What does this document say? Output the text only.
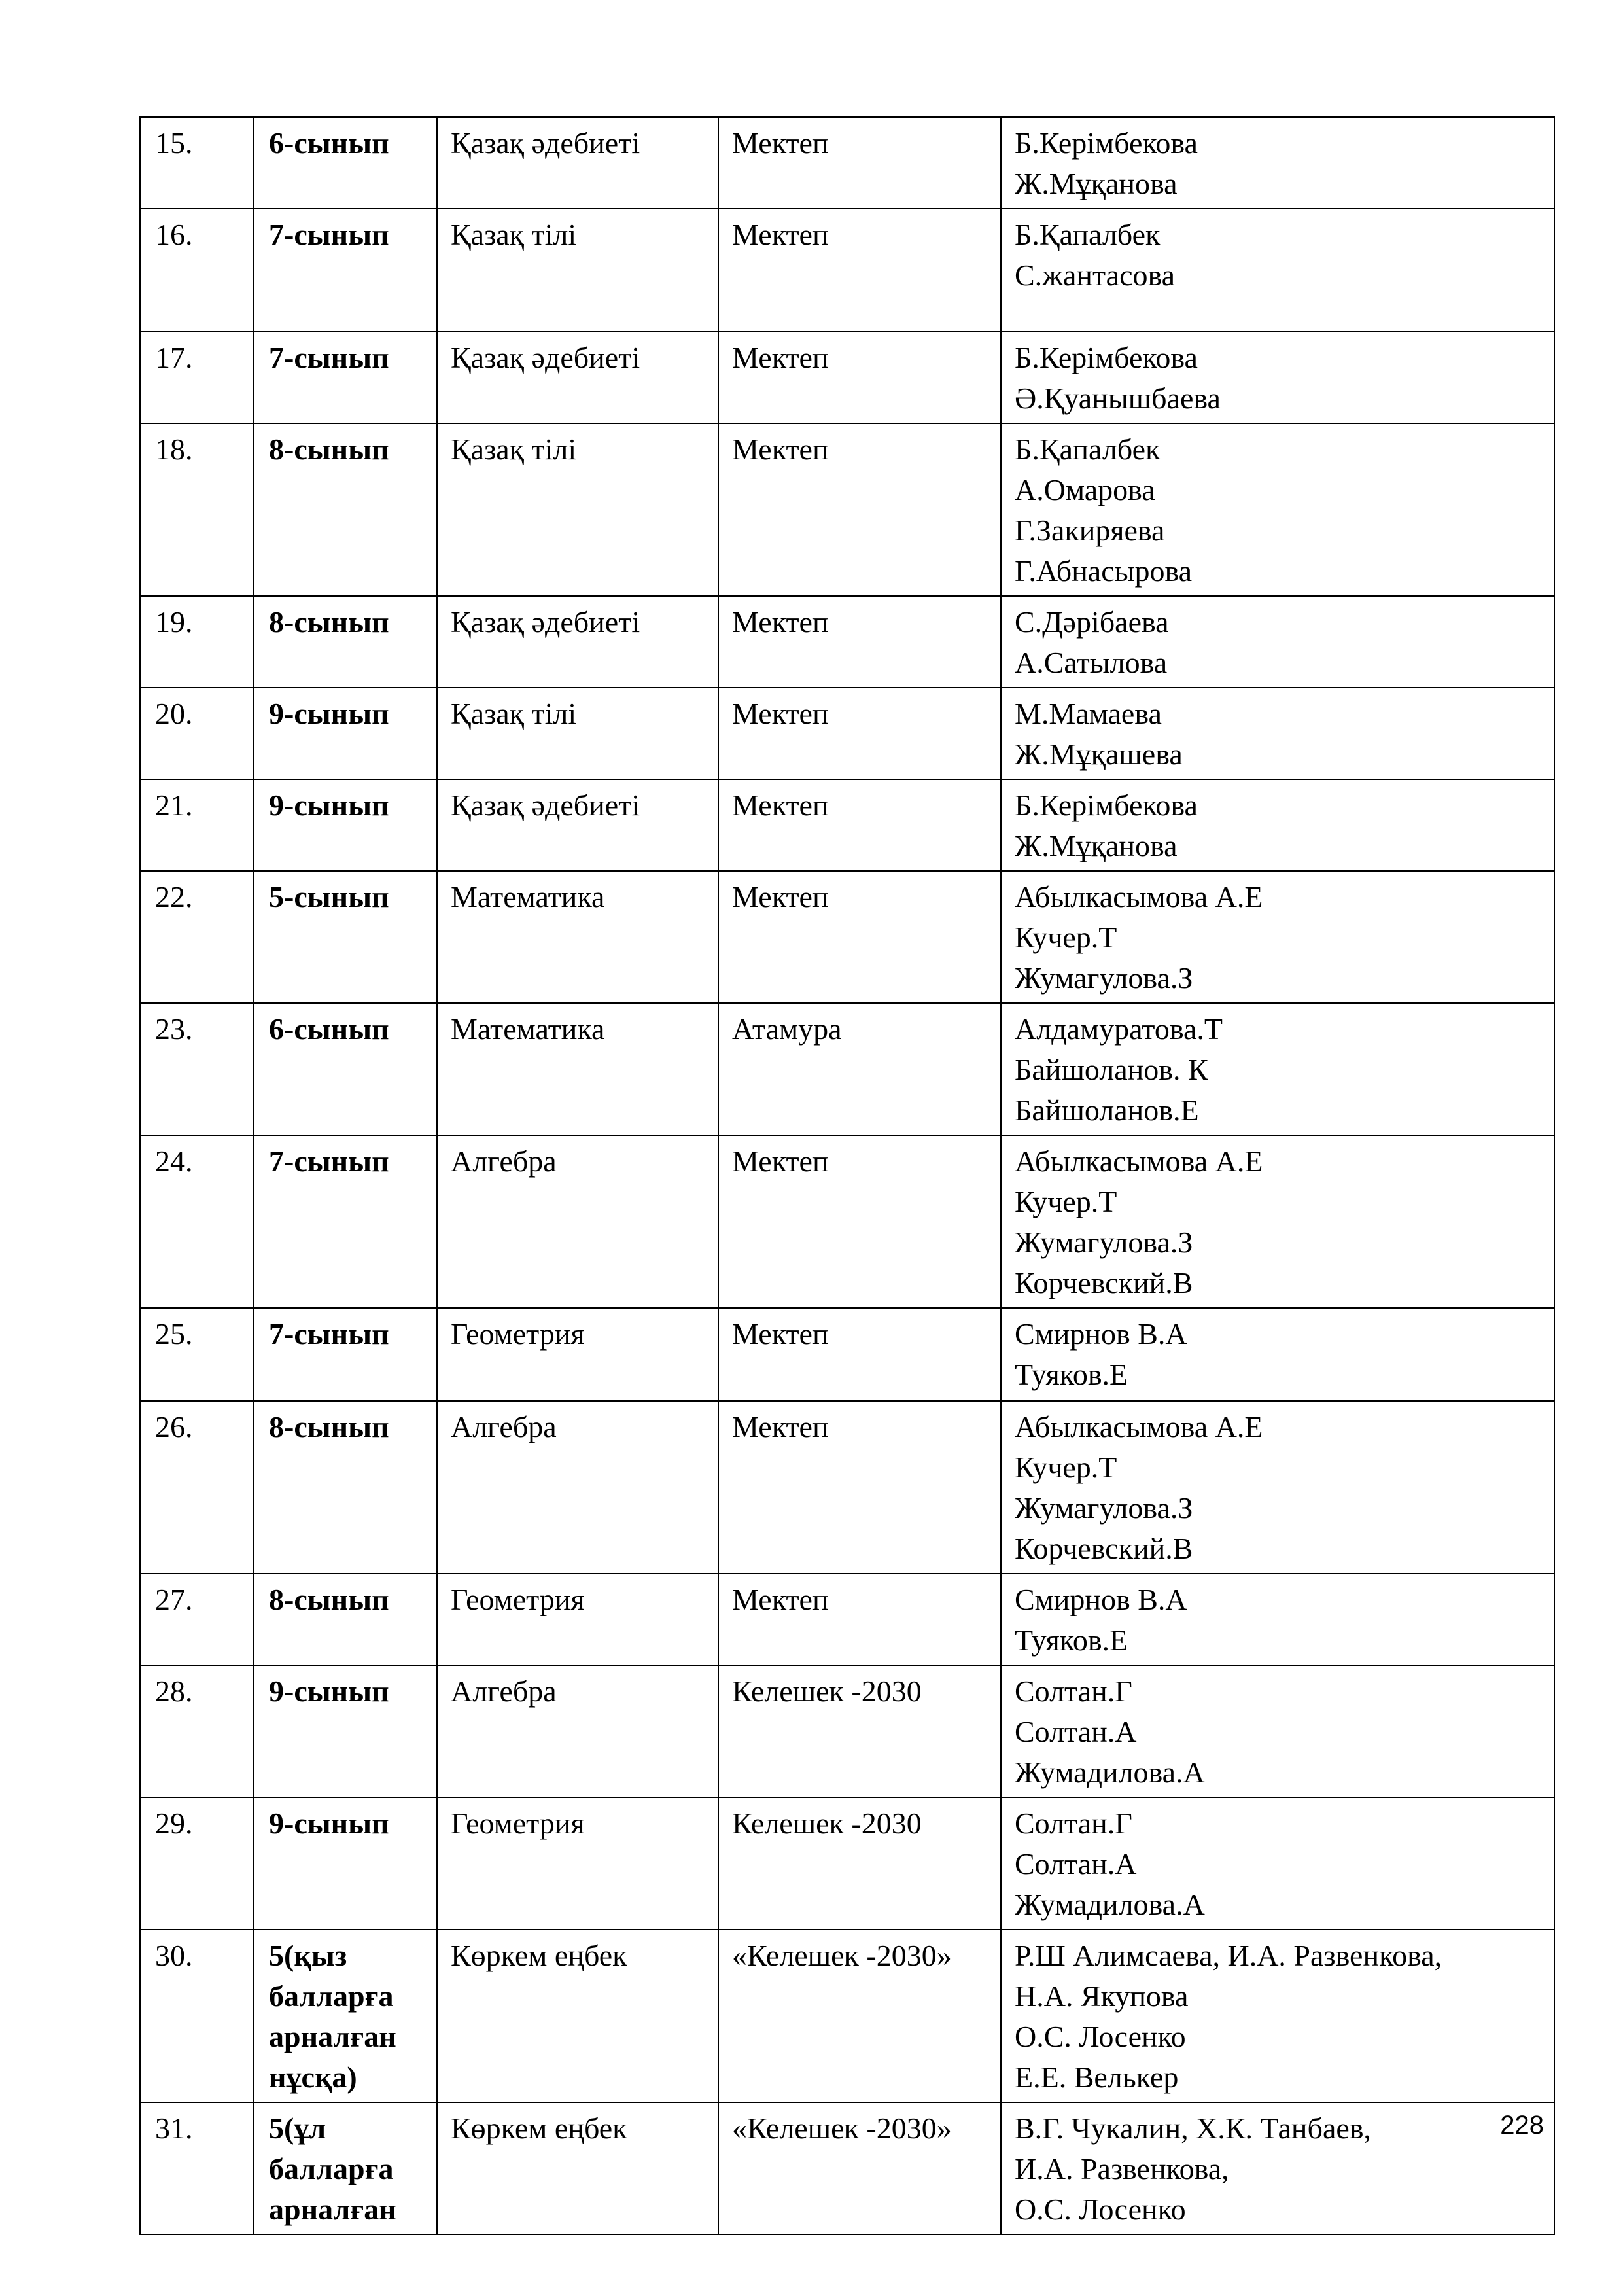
15.	6-сынып	Қазақ әдебиеті	Мектеп	Б.Керімбекова
Ж.Мұқанова

16.	7-сынып	Қазақ тілі	Мектеп	Б.Қапалбек
С.жантасова

17.	7-сынып	Қазақ әдебиеті	Мектеп	Б.Керімбекова
Ә.Қуанышбаева

18.	8-сынып	Қазақ тілі	Мектеп	Б.Қапалбек
А.Омарова
Г.Закиряева
Г.Абнасырова

19.	8-сынып	Қазақ әдебиеті	Мектеп	С.Дәрібаева
А.Сатылова

20.	9-сынып	Қазақ тілі	Мектеп	М.Мамаева
Ж.Мұқашева

21.	9-сынып	Қазақ әдебиеті	Мектеп	Б.Керімбекова
Ж.Мұқанова

22.	5-сынып	Математика	Мектеп	Абылкасымова А.Е
Кучер.Т
Жумагулова.З

23.	6-сынып	Математика	Атамура	Алдамуратова.Т
Байшоланов. К
Байшоланов.Е

24.	7-сынып	Алгебра	Мектеп	Абылкасымова А.Е
Кучер.Т
Жумагулова.З
Корчевский.В

25.	7-сынып	Геометрия	Мектеп	Смирнов В.А
Туяков.Е

26.	8-сынып	Алгебра	Мектеп	Абылкасымова А.Е
Кучер.Т
Жумагулова.З
Корчевский.В

27.	8-сынып	Геометрия	Мектеп	Смирнов В.А
Туяков.Е

28.	9-сынып	Алгебра	Келешек -2030	Солтан.Г
Солтан.А
Жумадилова.А

29.	9-сынып	Геометрия	Келешек -2030	Солтан.Г
Солтан.А
Жумадилова.А

30.	5(қыз
балларға
арналған
нұсқа)	Көркем еңбек	«Келешек -2030»	Р.Ш Алимсаева, И.А. Развенкова,
Н.А. Якупова
О.С. Лосенко
Е.Е. Велькер

31.	5(ұл
балларға
арналған	Көркем еңбек	«Келешек -2030»	В.Г. Чукалин, Х.К. Танбаев,
И.А. Развенкова,
О.С. Лосенко
228
